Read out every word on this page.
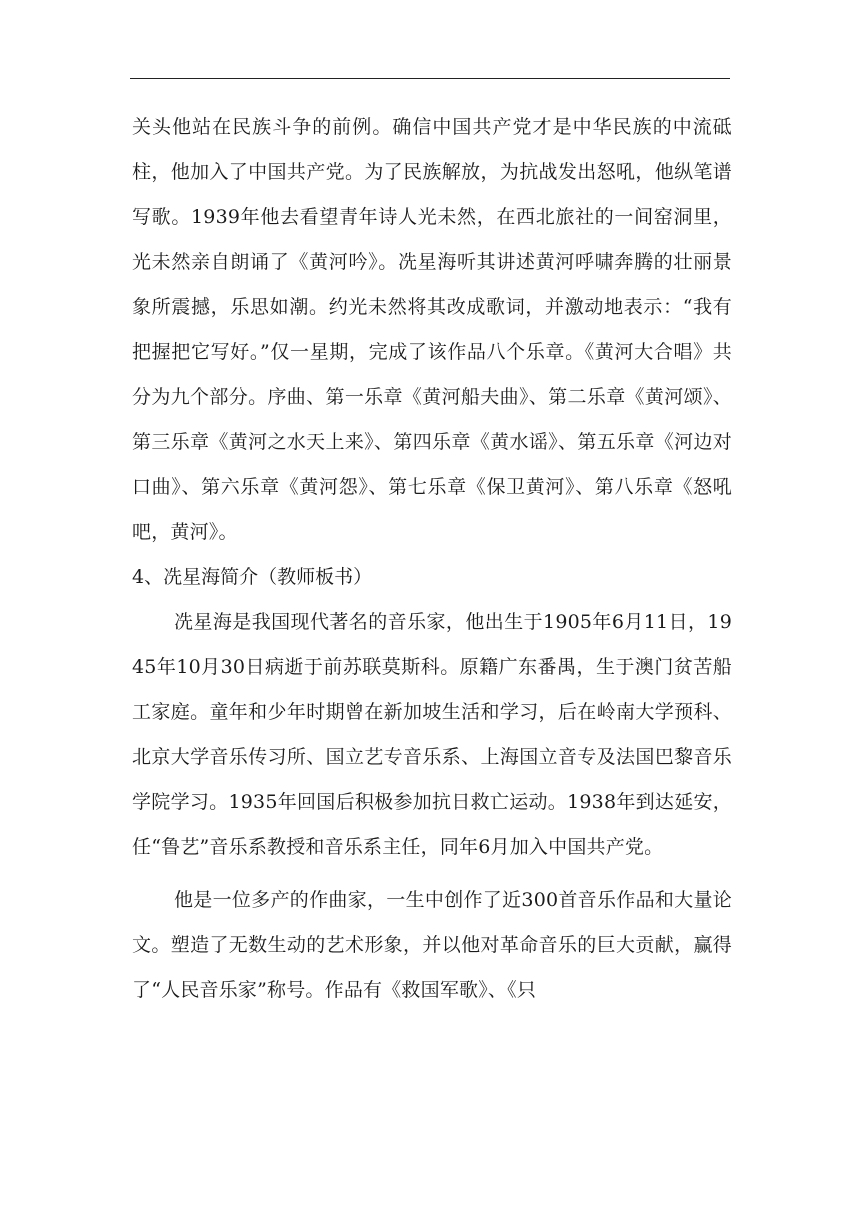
关头他站在民族斗争的前例。确信中国共产党才是中华民族的中流砥柱，他加入了中国共产党。为了民族解放，为抗战发出怒吼，他纵笔谱写歌。1939年他去看望青年诗人光未然，在西北旅社的一间窑洞里，光未然亲自朗诵了《黄河吟》。冼星海听其讲述黄河呼啸奔腾的壮丽景象所震撼，乐思如潮。约光未然将其改成歌词，并激动地表示：“我有把握把它写好。”仅一星期，完成了该作品八个乐章。《黄河大合唱》共分为九个部分。序曲、第一乐章《黄河船夫曲》、第二乐章《黄河颂》、第三乐章《黄河之水天上来》、第四乐章《黄水谣》、第五乐章《河边对口曲》、第六乐章《黄河怨》、第七乐章《保卫黄河》、第八乐章《怒吼吧，黄河》。

4、冼星海简介（教师板书）

冼星海是我国现代著名的音乐家，他出生于1905年6月11日，1945年10月30日病逝于前苏联莫斯科。原籍广东番禺，生于澳门贫苦船工家庭。童年和少年时期曾在新加坡生活和学习，后在岭南大学预科、北京大学音乐传习所、国立艺专音乐系、上海国立音专及法国巴黎音乐学院学习。1935年回国后积极参加抗日救亡运动。1938年到达延安，任“鲁艺”音乐系教授和音乐系主任，同年6月加入中国共产党。

他是一位多产的作曲家，一生中创作了近300首音乐作品和大量论文。塑造了无数生动的艺术形象，并以他对革命音乐的巨大贡献，赢得了“人民音乐家”称号。作品有《救国军歌》、《只
